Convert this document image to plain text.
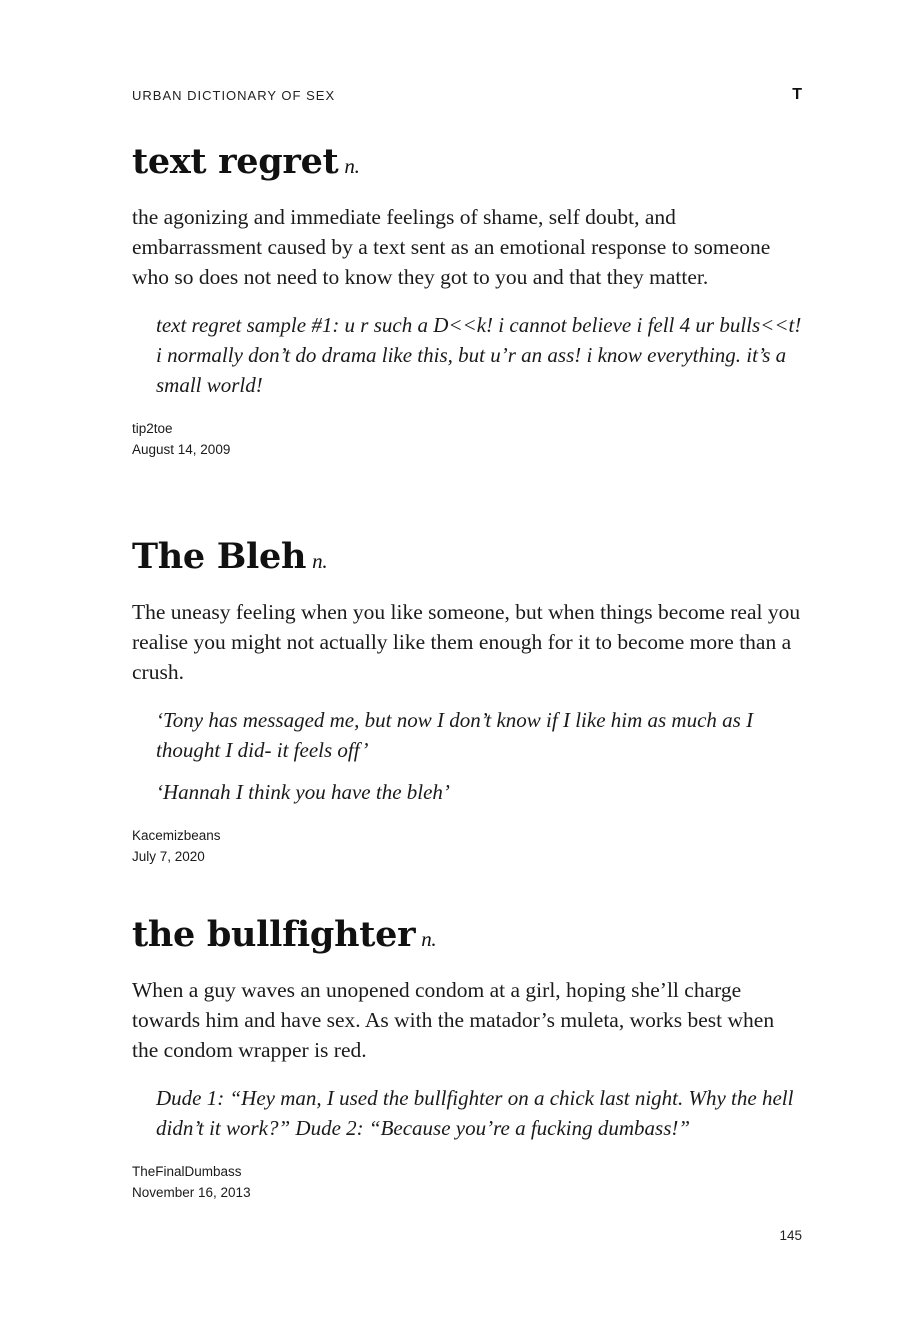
URBAN DICTIONARY OF SEX	T
text regret n.

the agonizing and immediate feelings of shame, self doubt, and embarrassment caused by a text sent as an emotional response to someone who so does not need to know they got to you and that they matter.

text regret sample #1: u r such a D<<k! i cannot believe i fell 4 ur bulls<<t! i normally don’t do drama like this, but u’r an ass! i know everything. it’s a small world!

tip2toe
August 14, 2009
The Bleh n.

The uneasy feeling when you like someone, but when things become real you realise you might not actually like them enough for it to become more than a crush.

‘Tony has messaged me, but now I don’t know if I like him as much as I thought I did- it feels off’

‘Hannah I think you have the bleh’

Kacemizbeans
July 7, 2020
the bullfighter n.

When a guy waves an unopened condom at a girl, hoping she’ll charge towards him and have sex. As with the matador’s muleta, works best when the condom wrapper is red.

Dude 1: “Hey man, I used the bullfighter on a chick last night. Why the hell didn’t it work?” Dude 2: “Because you’re a fucking dumbass!”

TheFinalDumbass
November 16, 2013
145
